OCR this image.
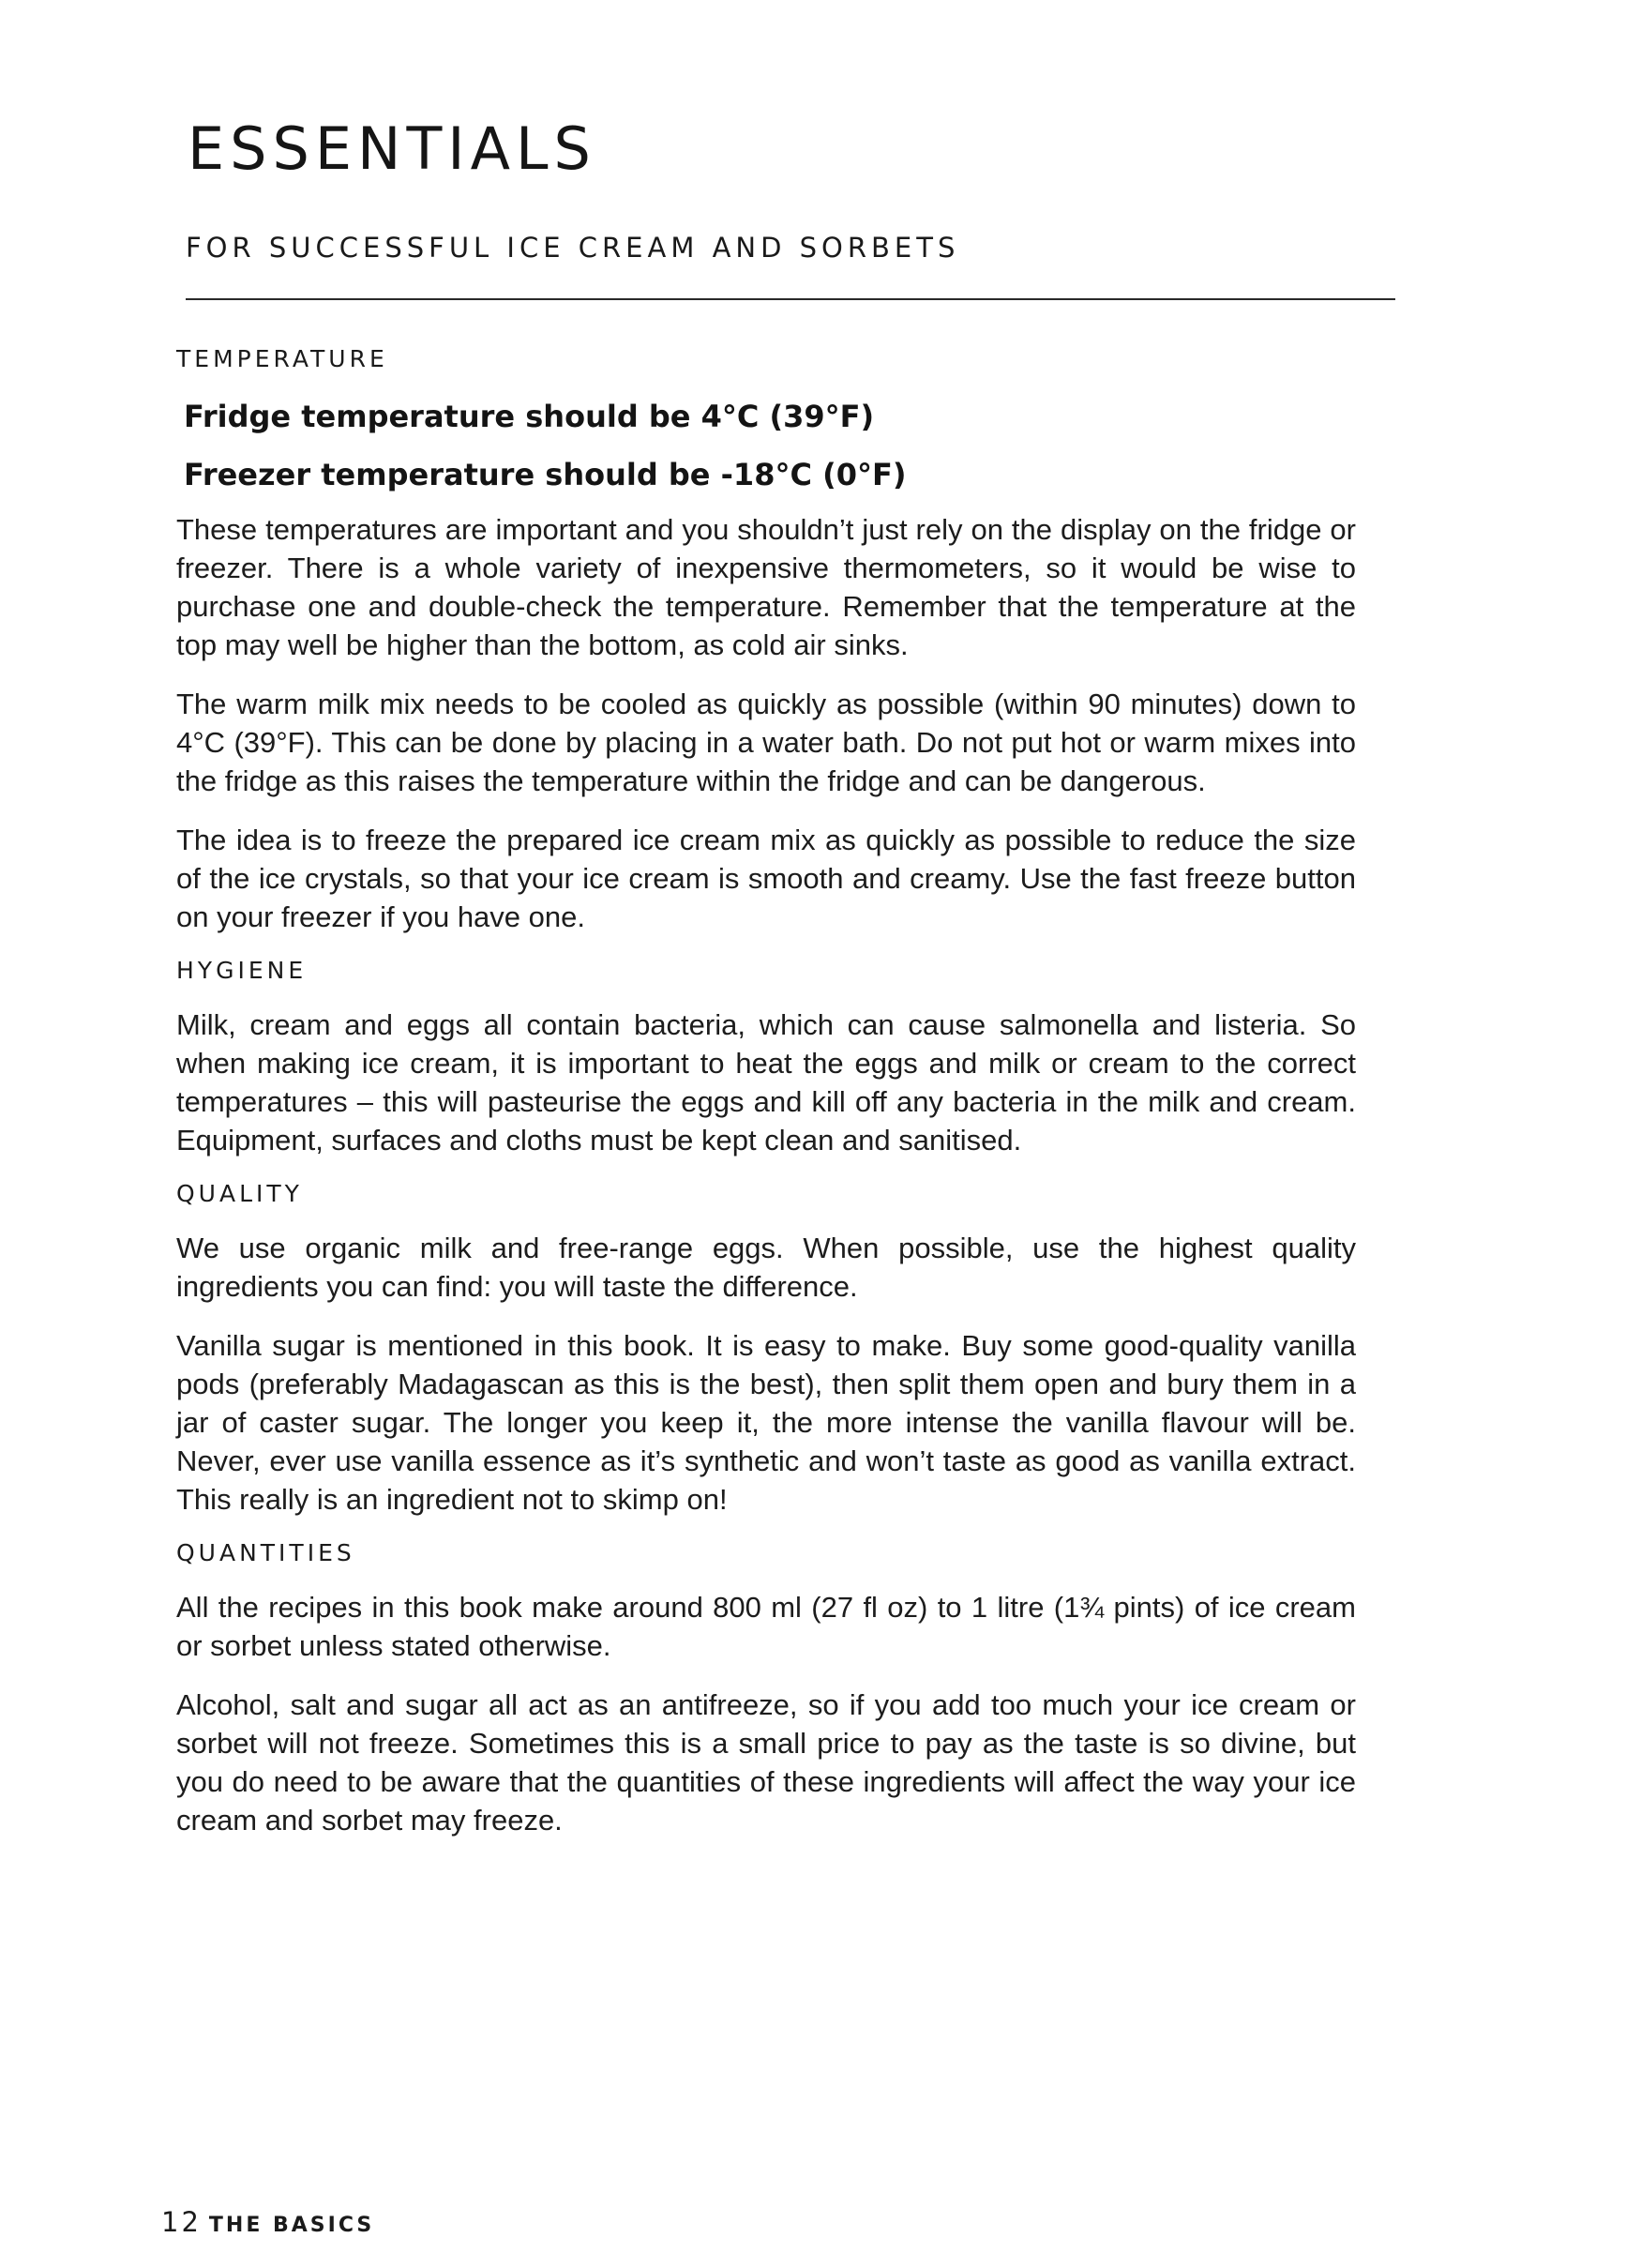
ESSENTIALS
FOR SUCCESSFUL ICE CREAM AND SORBETS

TEMPERATURE

Fridge temperature should be 4°C (39°F)

Freezer temperature should be -18°C (0°F)

These temperatures are important and you shouldn’t just rely on the display on the fridge or freezer. There is a whole variety of inexpensive thermometers, so it would be wise to purchase one and double-check the temperature. Remember that the temperature at the top may well be higher than the bottom, as cold air sinks.

The warm milk mix needs to be cooled as quickly as possible (within 90 minutes) down to 4°C (39°F). This can be done by placing in a water bath. Do not put hot or warm mixes into the fridge as this raises the temperature within the fridge and can be dangerous.

The idea is to freeze the prepared ice cream mix as quickly as possible to reduce the size of the ice crystals, so that your ice cream is smooth and creamy. Use the fast freeze button on your freezer if you have one.

HYGIENE

Milk, cream and eggs all contain bacteria, which can cause salmonella and listeria. So when making ice cream, it is important to heat the eggs and milk or cream to the correct temperatures – this will pasteurise the eggs and kill off any bacteria in the milk and cream. Equipment, surfaces and cloths must be kept clean and sanitised.

QUALITY

We use organic milk and free-range eggs. When possible, use the highest quality ingredients you can find: you will taste the difference.

Vanilla sugar is mentioned in this book. It is easy to make. Buy some good-quality vanilla pods (preferably Madagascan as this is the best), then split them open and bury them in a jar of caster sugar. The longer you keep it, the more intense the vanilla flavour will be. Never, ever use vanilla essence as it’s synthetic and won’t taste as good as vanilla extract. This really is an ingredient not to skimp on!

QUANTITIES

All the recipes in this book make around 800 ml (27 fl oz) to 1 litre (1¾ pints) of ice cream or sorbet unless stated otherwise.

Alcohol, salt and sugar all act as an antifreeze, so if you add too much your ice cream or sorbet will not freeze. Sometimes this is a small price to pay as the taste is so divine, but you do need to be aware that the quantities of these ingredients will affect the way your ice cream and sorbet may freeze.

12 THE BASICS
